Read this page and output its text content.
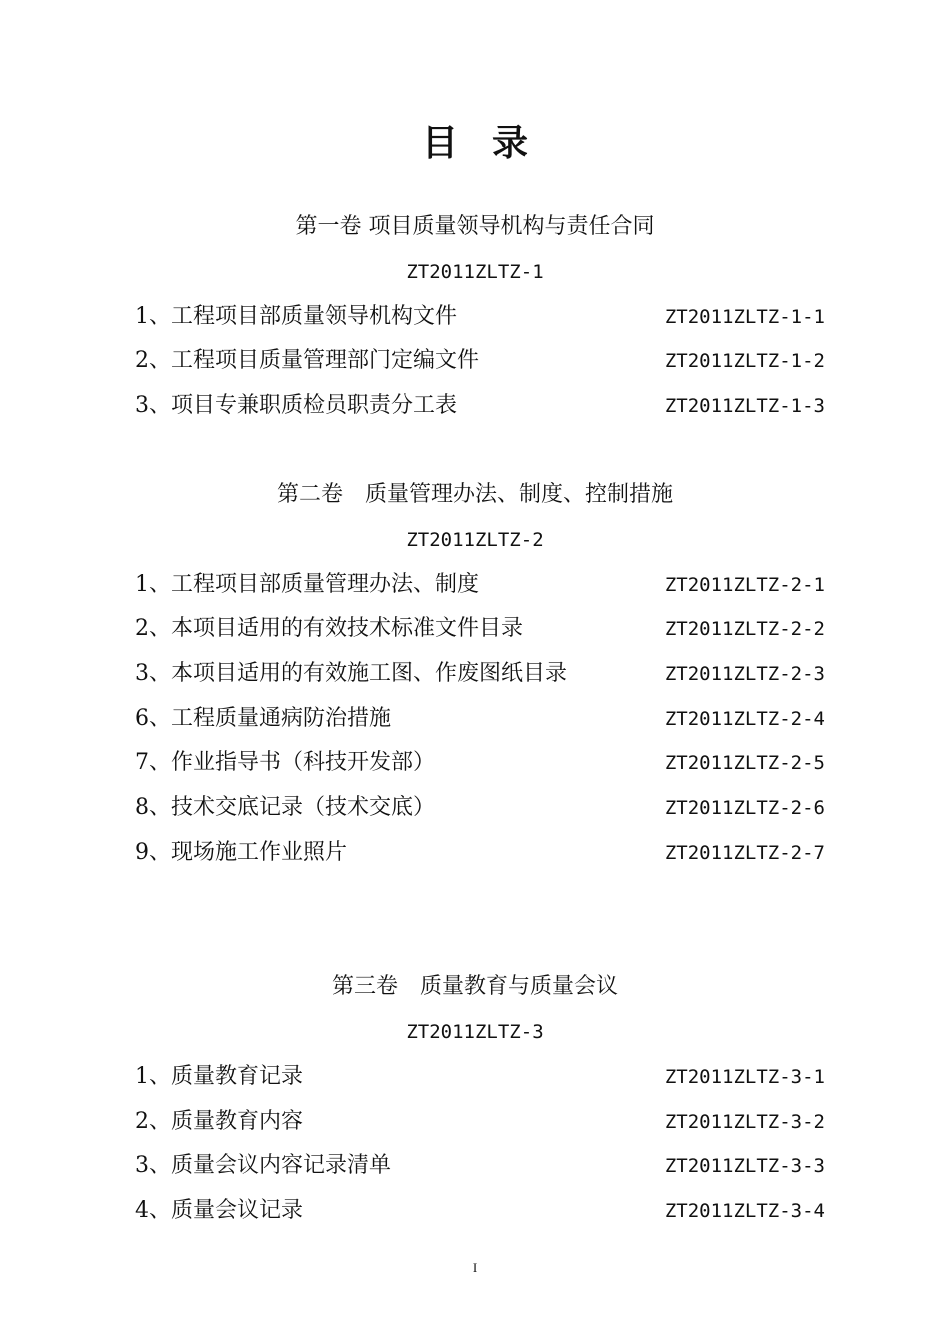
目 录
第一卷 项目质量领导机构与责任合同
ZT2011ZLTZ-1
1、工程项目部质量领导机构文件	ZT2011ZLTZ-1-1
2、工程项目质量管理部门定编文件	ZT2011ZLTZ-1-2
3、项目专兼职质检员职责分工表	ZT2011ZLTZ-1-3
第二卷　质量管理办法、制度、控制措施
ZT2011ZLTZ-2
1、工程项目部质量管理办法、制度	ZT2011ZLTZ-2-1
2、本项目适用的有效技术标准文件目录	ZT2011ZLTZ-2-2
3、本项目适用的有效施工图、作废图纸目录	ZT2011ZLTZ-2-3
6、工程质量通病防治措施	ZT2011ZLTZ-2-4
7、作业指导书（科技开发部）	ZT2011ZLTZ-2-5
8、技术交底记录（技术交底）	ZT2011ZLTZ-2-6
9、现场施工作业照片	ZT2011ZLTZ-2-7
第三卷　质量教育与质量会议
ZT2011ZLTZ-3
1、质量教育记录	ZT2011ZLTZ-3-1
2、质量教育内容	ZT2011ZLTZ-3-2
3、质量会议内容记录清单	ZT2011ZLTZ-3-3
4、质量会议记录	ZT2011ZLTZ-3-4
I
